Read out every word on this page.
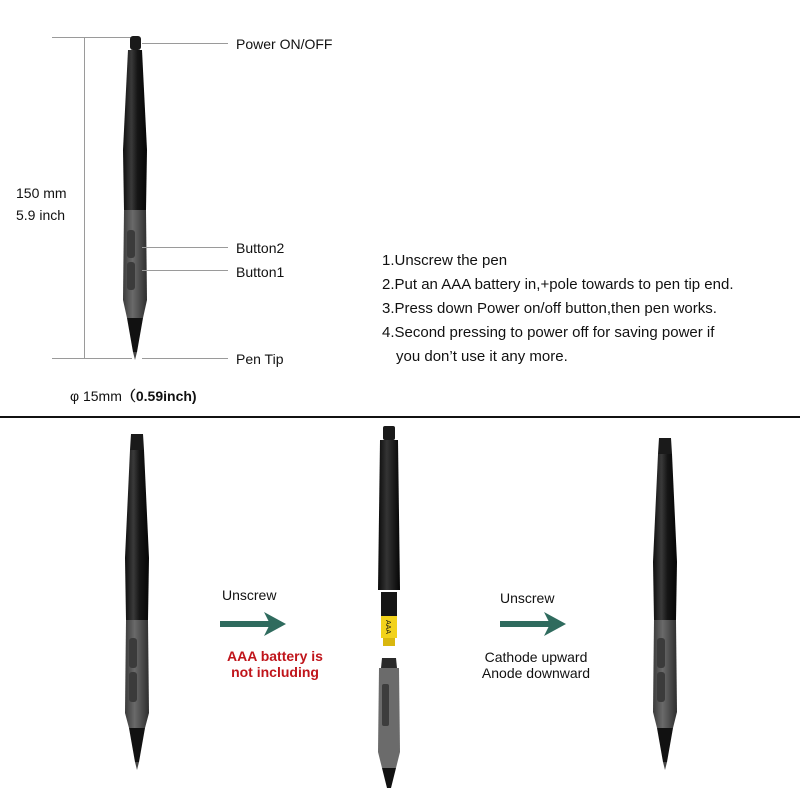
150 mm
5.9 inch
φ 15mm（0.59inch)
Power ON/OFF
Button2
Button1
Pen Tip
1.Unscrew the pen
2.Put an AAA battery in,+pole towards to pen tip end.
3.Press down Power on/off button,then pen works.
4.Second pressing to power off for saving power if
you don’t use it any more.
Unscrew
AAA battery is
not including
AAA
Unscrew
Cathode upward
Anode downward
